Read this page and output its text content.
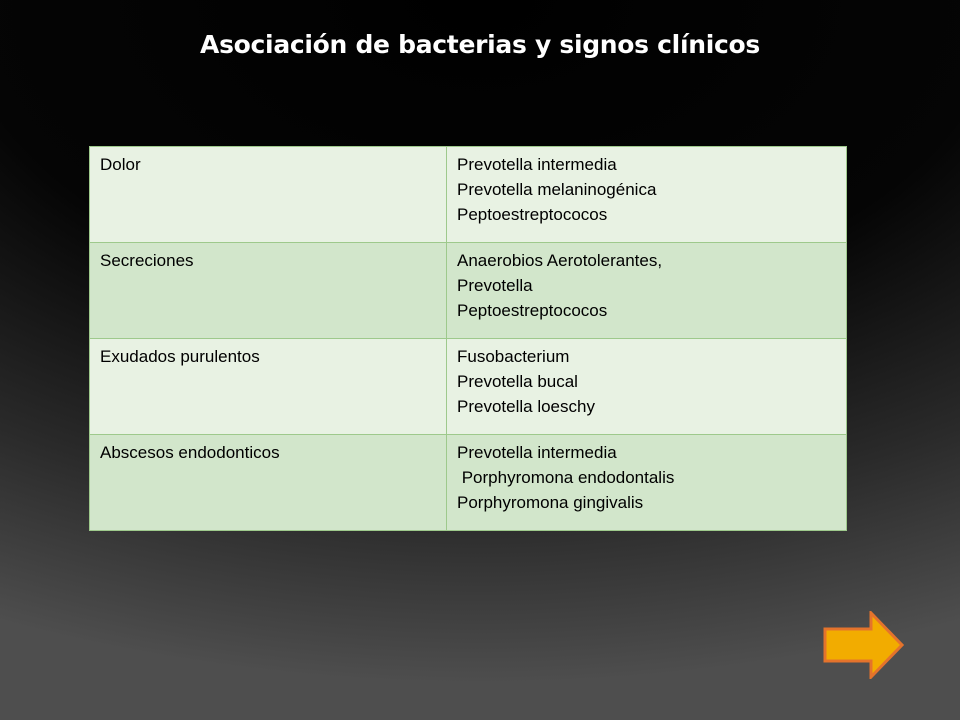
Asociación de bacterias y signos clínicos
Dolor	Prevotella intermedia
Prevotella melaninogénica
Peptoestreptococos

Secreciones	Anaerobios Aerotolerantes,
Prevotella
Peptoestreptococos

Exudados purulentos	Fusobacterium
Prevotella bucal
Prevotella loeschy

Abscesos endodonticos	Prevotella intermedia
Porphyromona endodontalis
Porphyromona gingivalis
